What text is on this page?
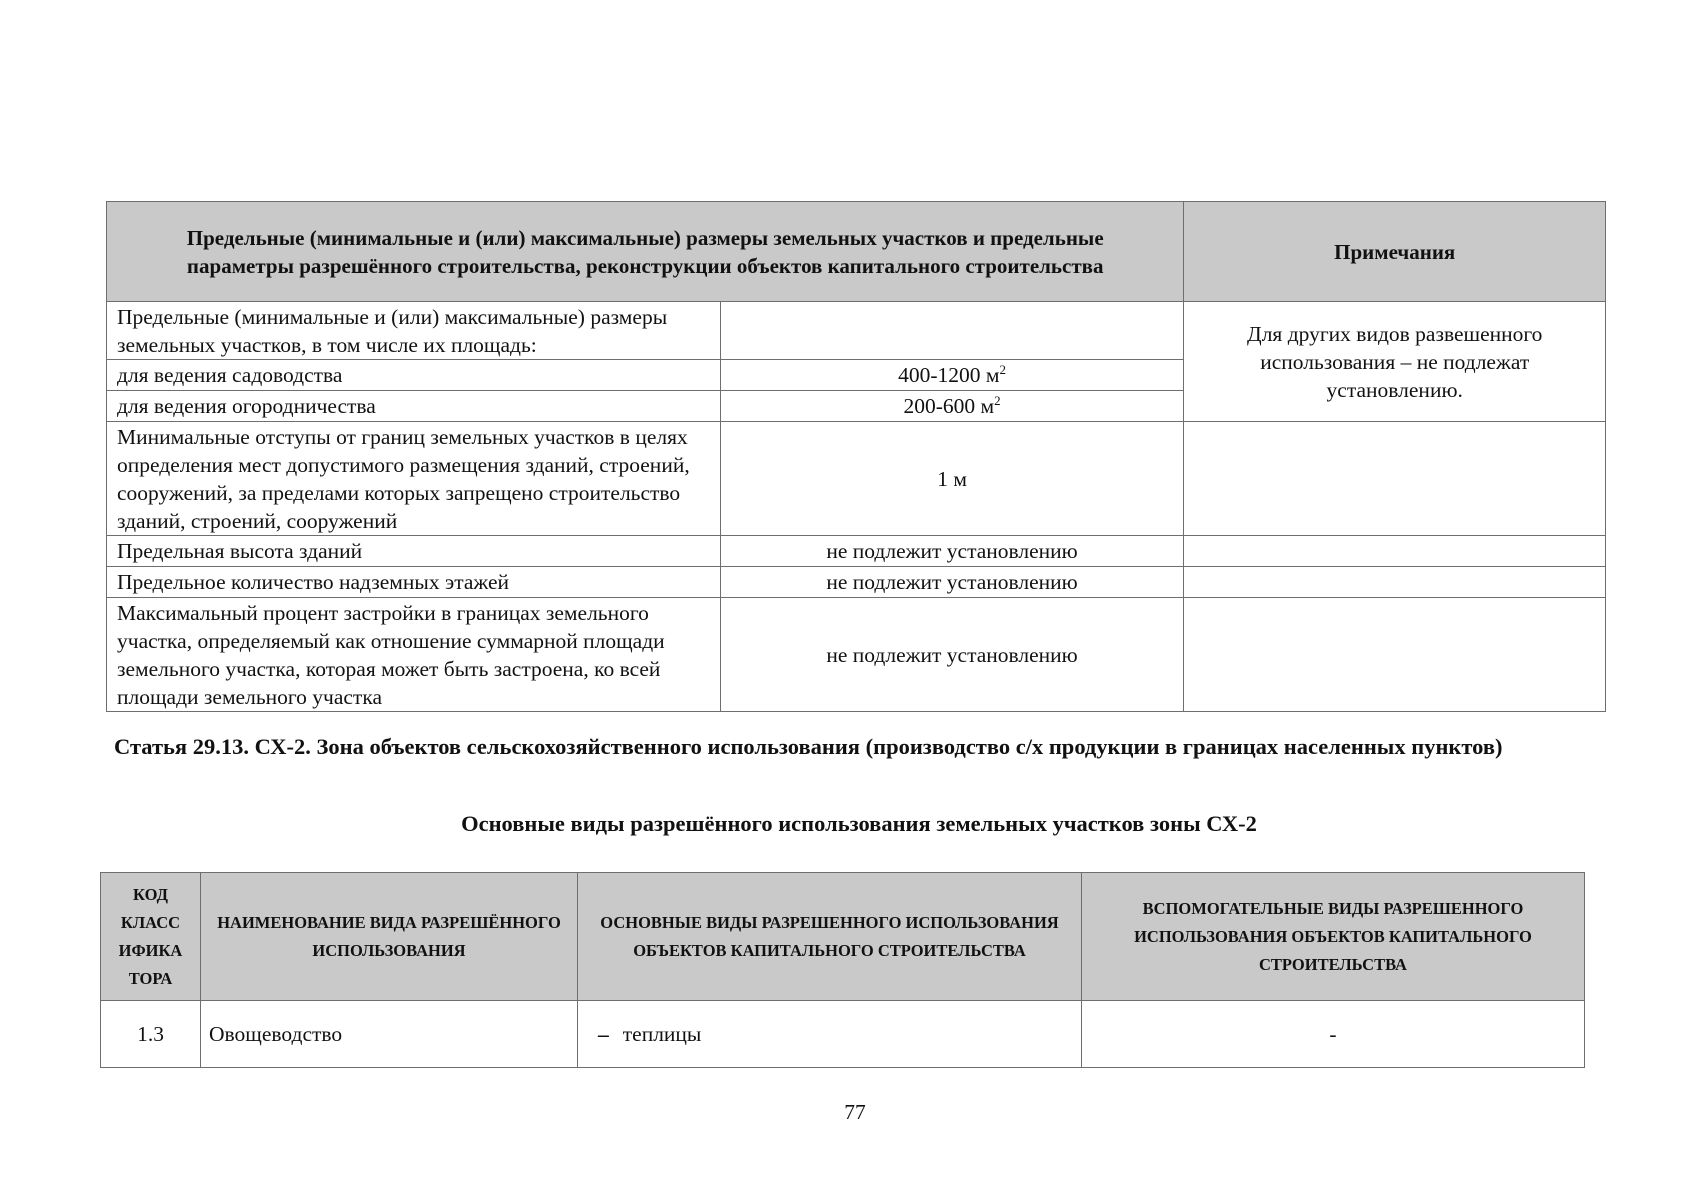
Предельные (минимальные и (или) максимальные) размеры земельных участков и предельные параметры разрешённого строительства, реконструкции объектов капитального строительства		Примечания
Предельные (минимальные и (или) максимальные) размеры земельных участков, в том числе их площадь:		Для других видов развешенного использования – не подлежат установлению.
для ведения садоводства	400-1200 $м^2$
для ведения огородничества	200-600 $м^2$
Минимальные отступы от границ земельных участков в целях определения мест допустимого размещения зданий, строений, сооружений, за пределами которых запрещено строительство зданий, строений, сооружений	1 м	
Предельная высота зданий	не подлежит установлению	
Предельное количество надземных этажей	не подлежит установлению	
Максимальный процент застройки в границах земельного участка, определяемый как отношение суммарной площади земельного участка, которая может быть застроена, ко всей площади земельного участка	не подлежит установлению	
Статья 29.13. СХ-2. Зона объектов сельскохозяйственного использования (производство с/х продукции в границах населенных пунктов)
Основные виды разрешённого использования земельных участков зоны СХ-2
КОД КЛАСС ИФИКА ТОРА	НАИМЕНОВАНИЕ ВИДА РАЗРЕШЁННОГО ИСПОЛЬЗОВАНИЯ	ОСНОВНЫЕ ВИДЫ РАЗРЕШЕННОГО ИСПОЛЬЗОВАНИЯ ОБЪЕКТОВ КАПИТАЛЬНОГО СТРОИТЕЛЬСТВА	ВСПОМОГАТЕЛЬНЫЕ ВИДЫ РАЗРЕШЕННОГО ИСПОЛЬЗОВАНИЯ ОБЪЕКТОВ КАПИТАЛЬНОГО СТРОИТЕЛЬСТВА
1.3	Овощеводство	– теплицы	-
77
